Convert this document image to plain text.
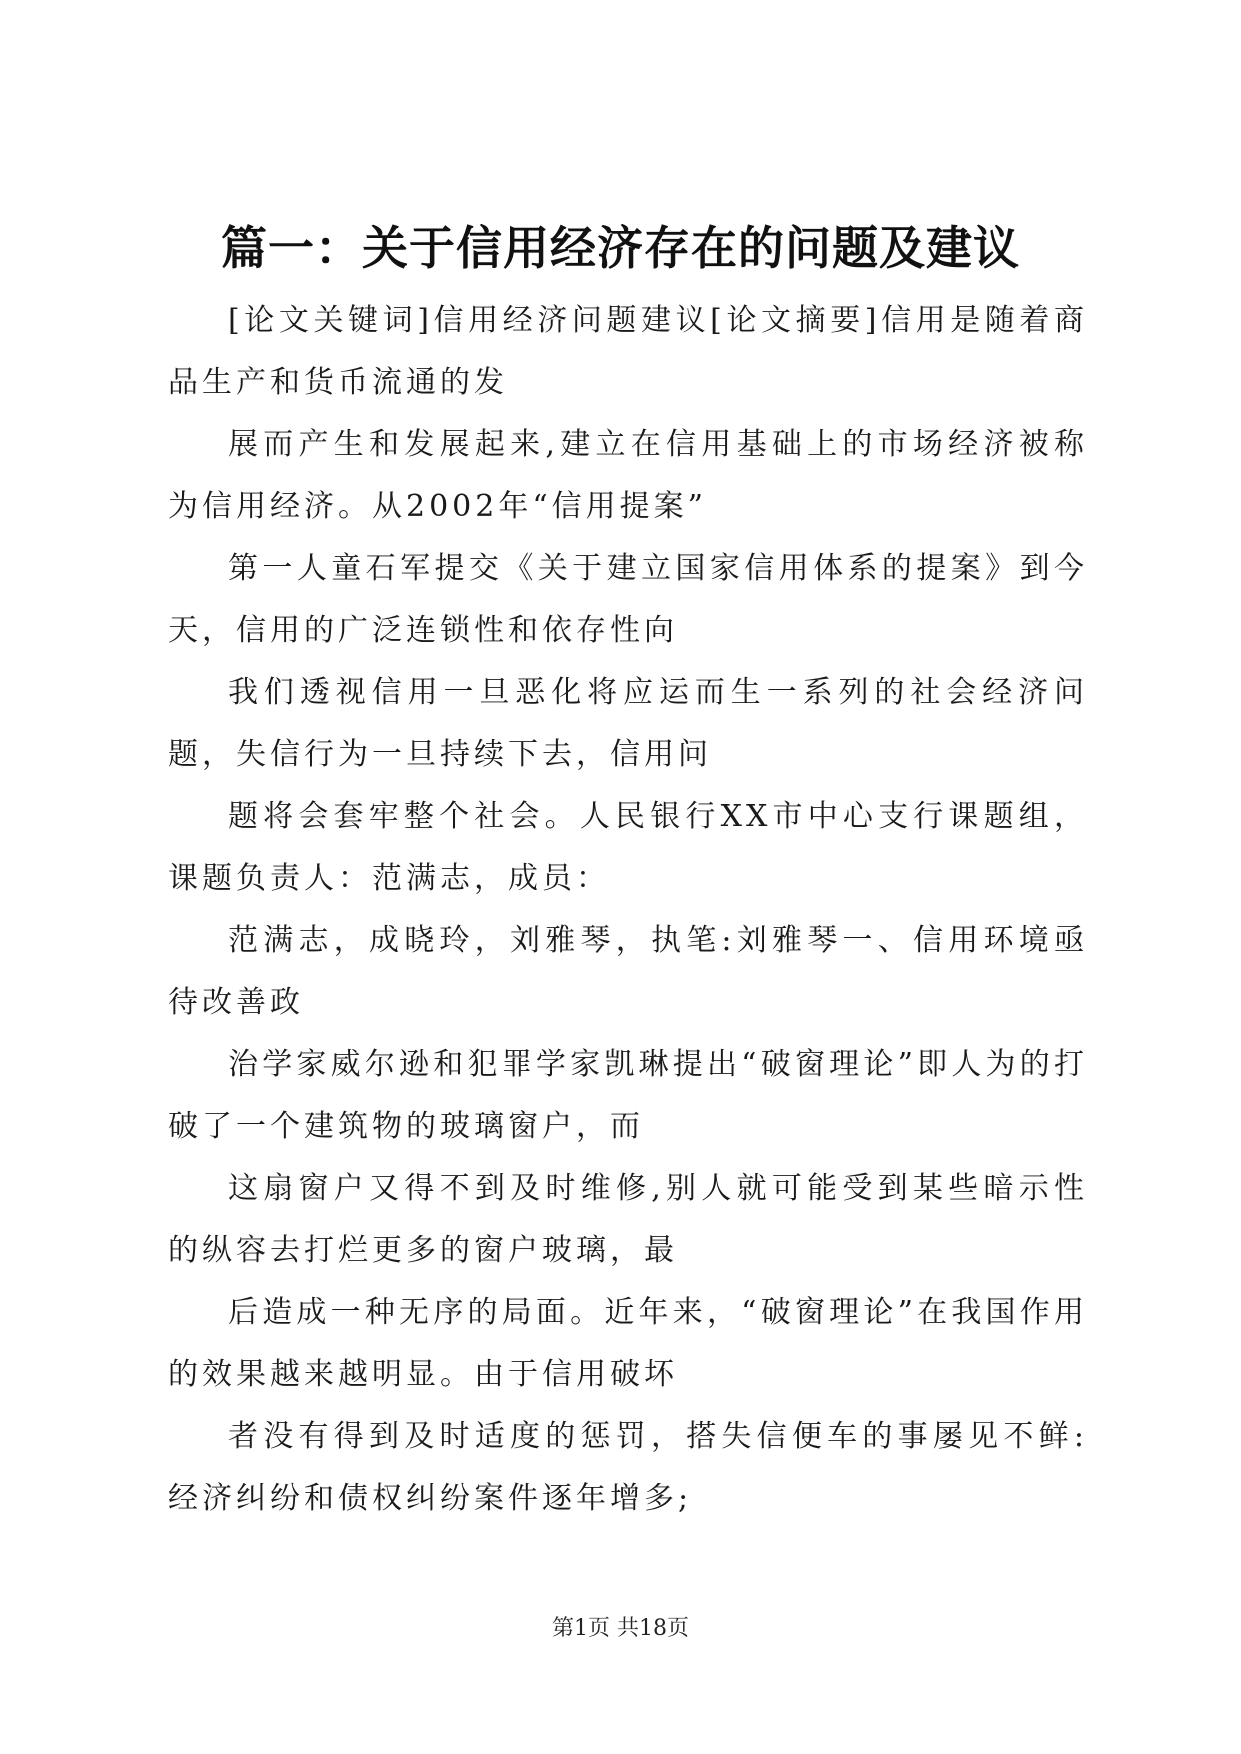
篇一：关于信用经济存在的问题及建议

[论文关键词]信用经济问题建议[论文摘要]信用是随着商品生产和货币流通的发

展而产生和发展起来,建立在信用基础上的市场经济被称为信用经济。从2002年“信用提案”

第一人童石军提交《关于建立国家信用体系的提案》到今天，信用的广泛连锁性和依存性向

我们透视信用一旦恶化将应运而生一系列的社会经济问题，失信行为一旦持续下去，信用问

题将会套牢整个社会。人民银行XX市中心支行课题组，课题负责人：范满志，成员：

范满志，成晓玲，刘雅琴，执笔:刘雅琴一、信用环境亟待改善政

治学家威尔逊和犯罪学家凯琳提出“破窗理论”即人为的打破了一个建筑物的玻璃窗户，而

这扇窗户又得不到及时维修,别人就可能受到某些暗示性的纵容去打烂更多的窗户玻璃，最

后造成一种无序的局面。近年来，“破窗理论”在我国作用的效果越来越明显。由于信用破坏

者没有得到及时适度的惩罚，搭失信便车的事屡见不鲜:经济纠纷和债权纠纷案件逐年增多;

第1页 共18页
